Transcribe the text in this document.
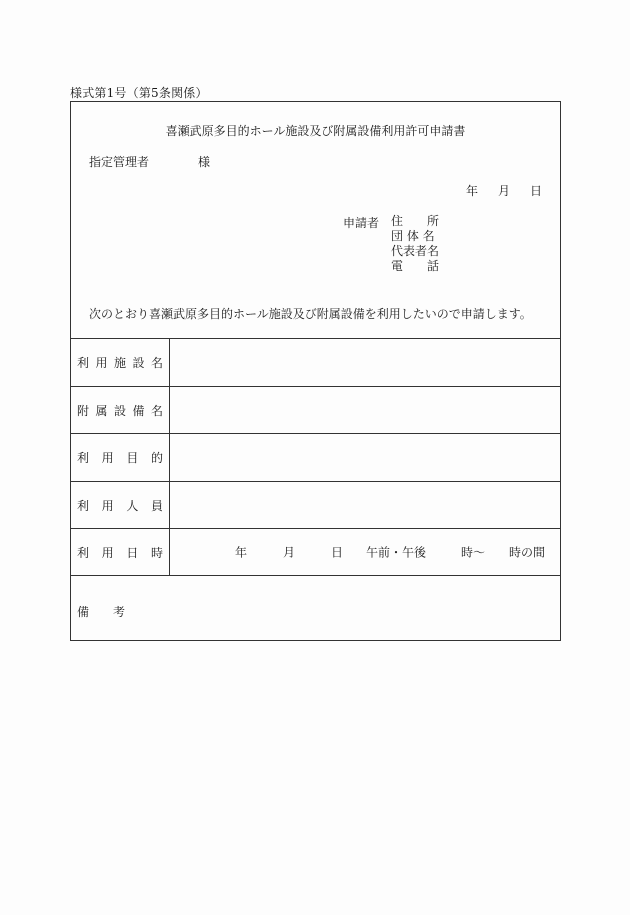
様式第1号（第5条関係）
喜瀬武原多目的ホール施設及び附属設備利用許可申請書
指定管理者	様
年 月 日
申請者 住　　所
団 体 名
代表者名
電　　話
次のとおり喜瀬武原多目的ホール施設及び附属設備を利用したいので申請します。
利 用 施 設 名
附 属 設 備 名
利 用 目 的
利 用 人 員
利 用 日 時	年	月	日 午前・午後	時〜 時の間
備 考
